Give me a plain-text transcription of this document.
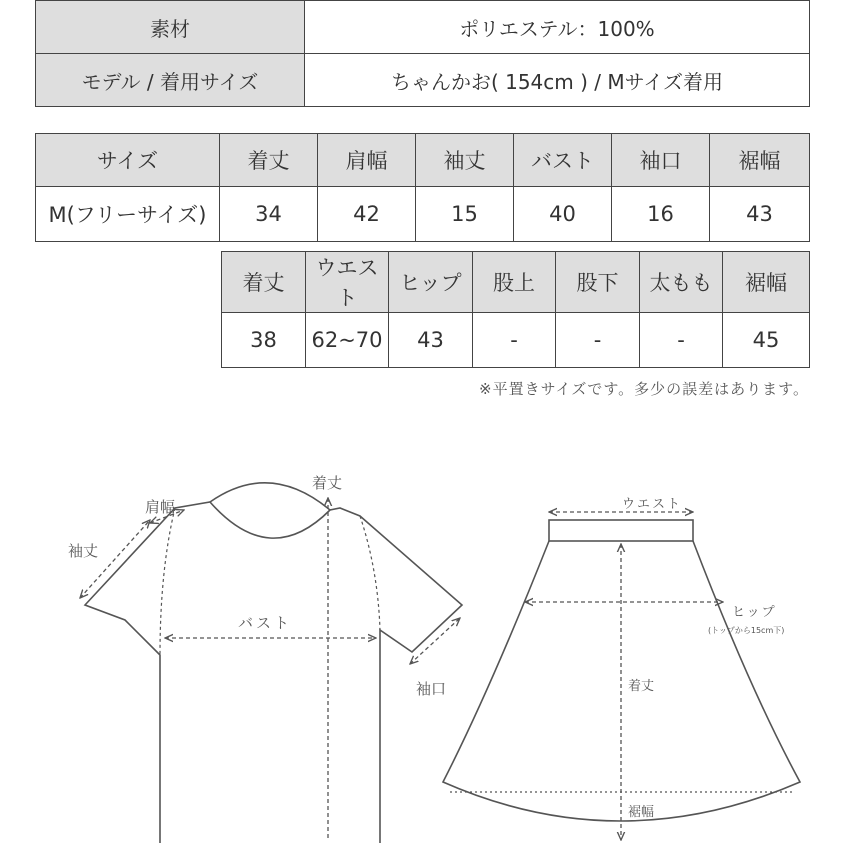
素材	ポリエステル：100%
モデル / 着用サイズ	ちゃんかお( 154cm ) / Mサイズ着用
サイズ	着丈	肩幅	袖丈	バスト	袖口	裾幅
M(フリーサイズ)	34	42	15	40	16	43
着丈	ウエスト	ヒップ	股上	股下	太もも	裾幅
38	62~70	43	-	-	-	45
※平置きサイズです。多少の誤差はあります。
着丈
肩幅
袖丈
バスト
袖口
ウエスト
ヒップ
(トップから15cm下)
着丈
裾幅
